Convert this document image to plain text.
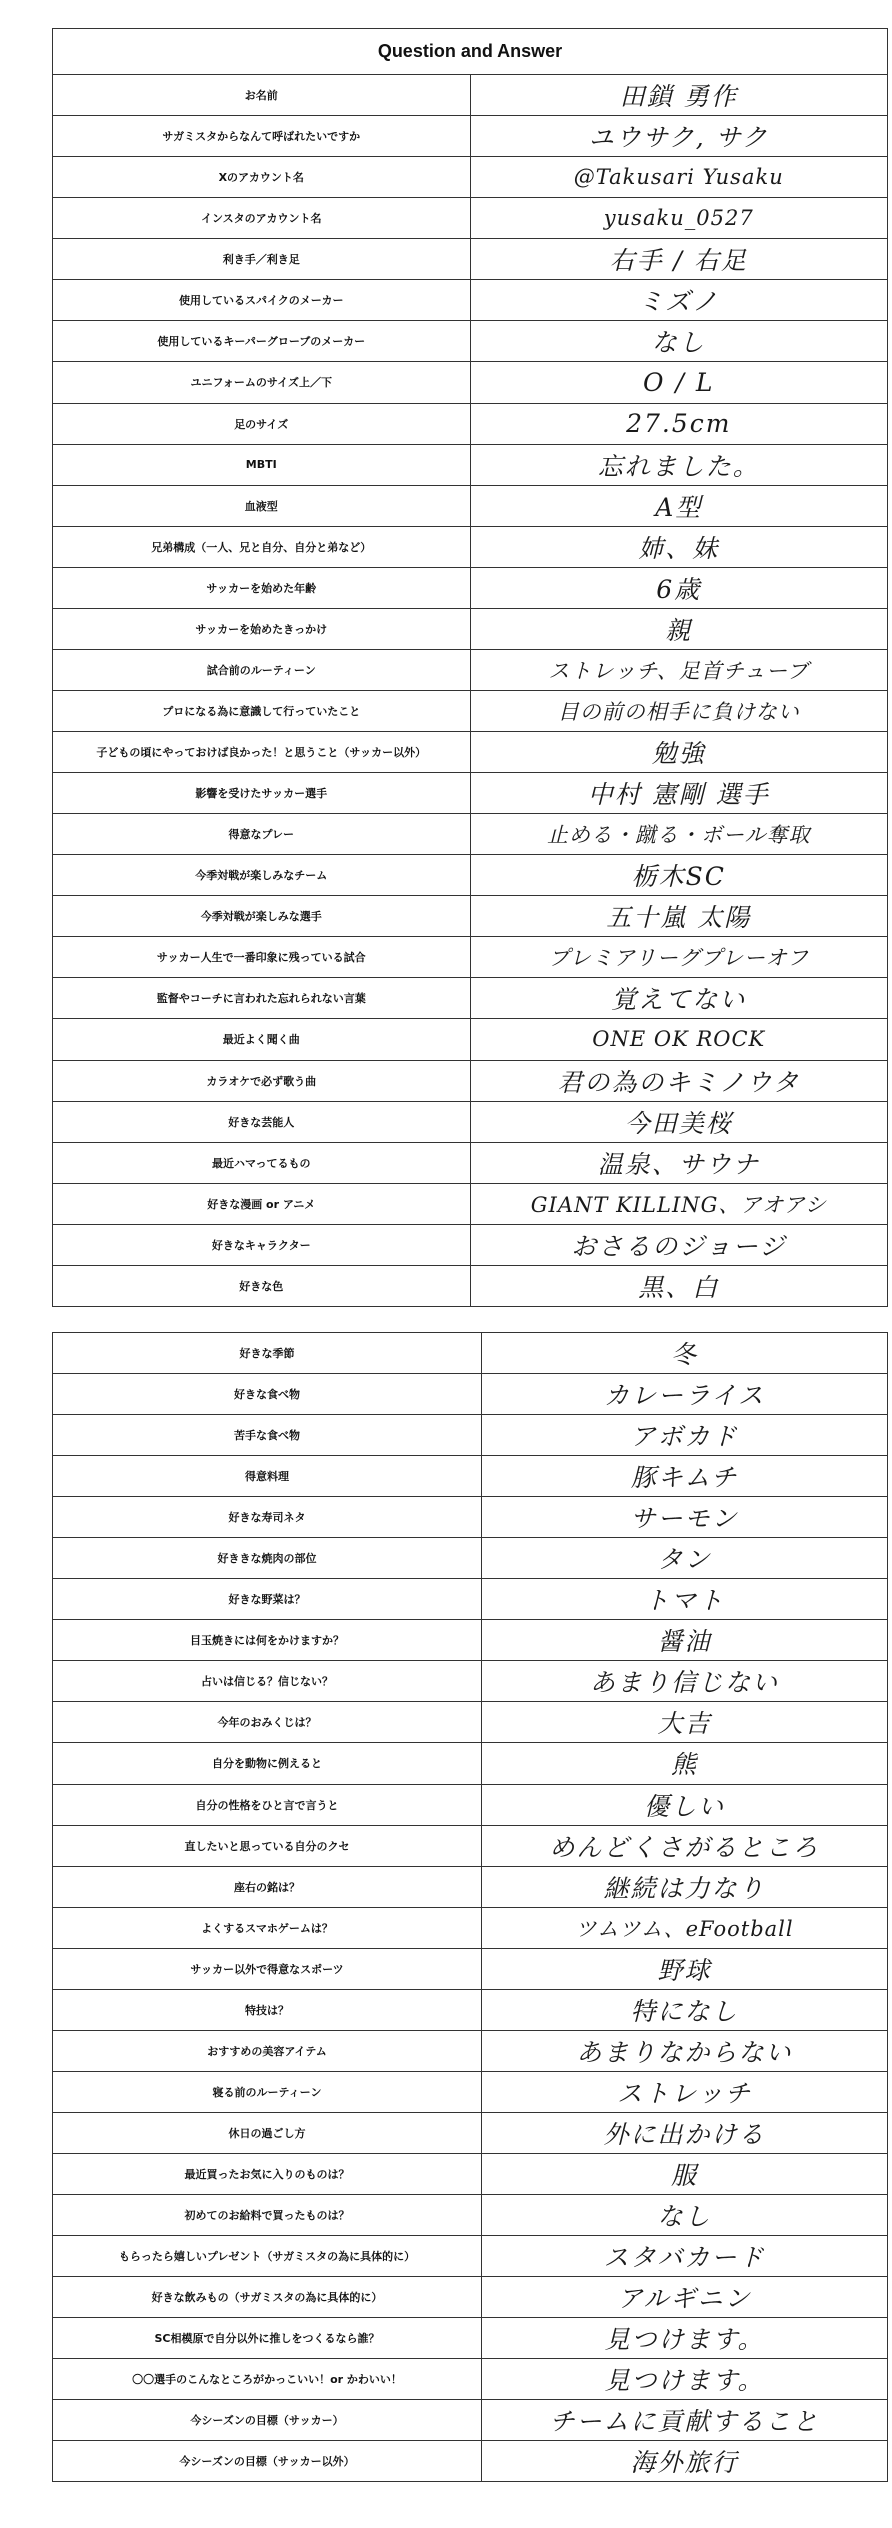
Question and Answer	
お名前	田鎖 勇作
サガミスタからなんて呼ばれたいですか	ユウサク, サク
Xのアカウント名	@Takusari Yusaku
インスタのアカウント名	yusaku_0527
利き手／利き足	右手 / 右足
使用しているスパイクのメーカー	ミズノ
使用しているキーパーグローブのメーカー	なし
ユニフォームのサイズ上／下	O / L
足のサイズ	27.5cm
MBTI	忘れました。
血液型	A型
兄弟構成（一人、兄と自分、自分と弟など）	姉、妹
サッカーを始めた年齢	6歳
サッカーを始めたきっかけ	親
試合前のルーティーン	ストレッチ、足首チューブ
プロになる為に意識して行っていたこと	目の前の相手に負けない
子どもの頃にやっておけば良かった！と思うこと（サッカー以外）	勉強
影響を受けたサッカー選手	中村 憲剛 選手
得意なプレー	止める・蹴る・ボール奪取
今季対戦が楽しみなチーム	栃木SC
今季対戦が楽しみな選手	五十嵐 太陽
サッカー人生で一番印象に残っている試合	プレミアリーグプレーオフ
監督やコーチに言われた忘れられない言葉	覚えてない
最近よく聞く曲	ONE OK ROCK
カラオケで必ず歌う曲	君の為のキミノウタ
好きな芸能人	今田美桜
最近ハマってるもの	温泉、サウナ
好きな漫画 or アニメ	GIANT KILLING、アオアシ
好きなキャラクター	おさるのジョージ
好きな色	黒、白
好きな季節	冬
好きな食べ物	カレーライス
苦手な食べ物	アボカド
得意料理	豚キムチ
好きな寿司ネタ	サーモン
好ききな焼肉の部位	タン
好きな野菜は？	トマト
目玉焼きには何をかけますか？	醤油
占いは信じる？信じない？	あまり信じない
今年のおみくじは？	大吉
自分を動物に例えると	熊
自分の性格をひと言で言うと	優しい
直したいと思っている自分のクセ	めんどくさがるところ
座右の銘は？	継続は力なり
よくするスマホゲームは？	ツムツム、eFootball
サッカー以外で得意なスポーツ	野球
特技は？	特になし
おすすめの美容アイテム	あまりなからない
寝る前のルーティーン	ストレッチ
休日の過ごし方	外に出かける
最近買ったお気に入りのものは？	服
初めてのお給料で買ったものは？	なし
もらったら嬉しいプレゼント（サガミスタの為に具体的に）	スタバカード
好きな飲みもの（サガミスタの為に具体的に）	アルギニン
SC相模原で自分以外に推しをつくるなら誰？	見つけます。
〇〇選手のこんなところがかっこいい！or かわいい！	見つけます。
今シーズンの目標（サッカー）	チームに貢献すること
今シーズンの目標（サッカー以外）	海外旅行
